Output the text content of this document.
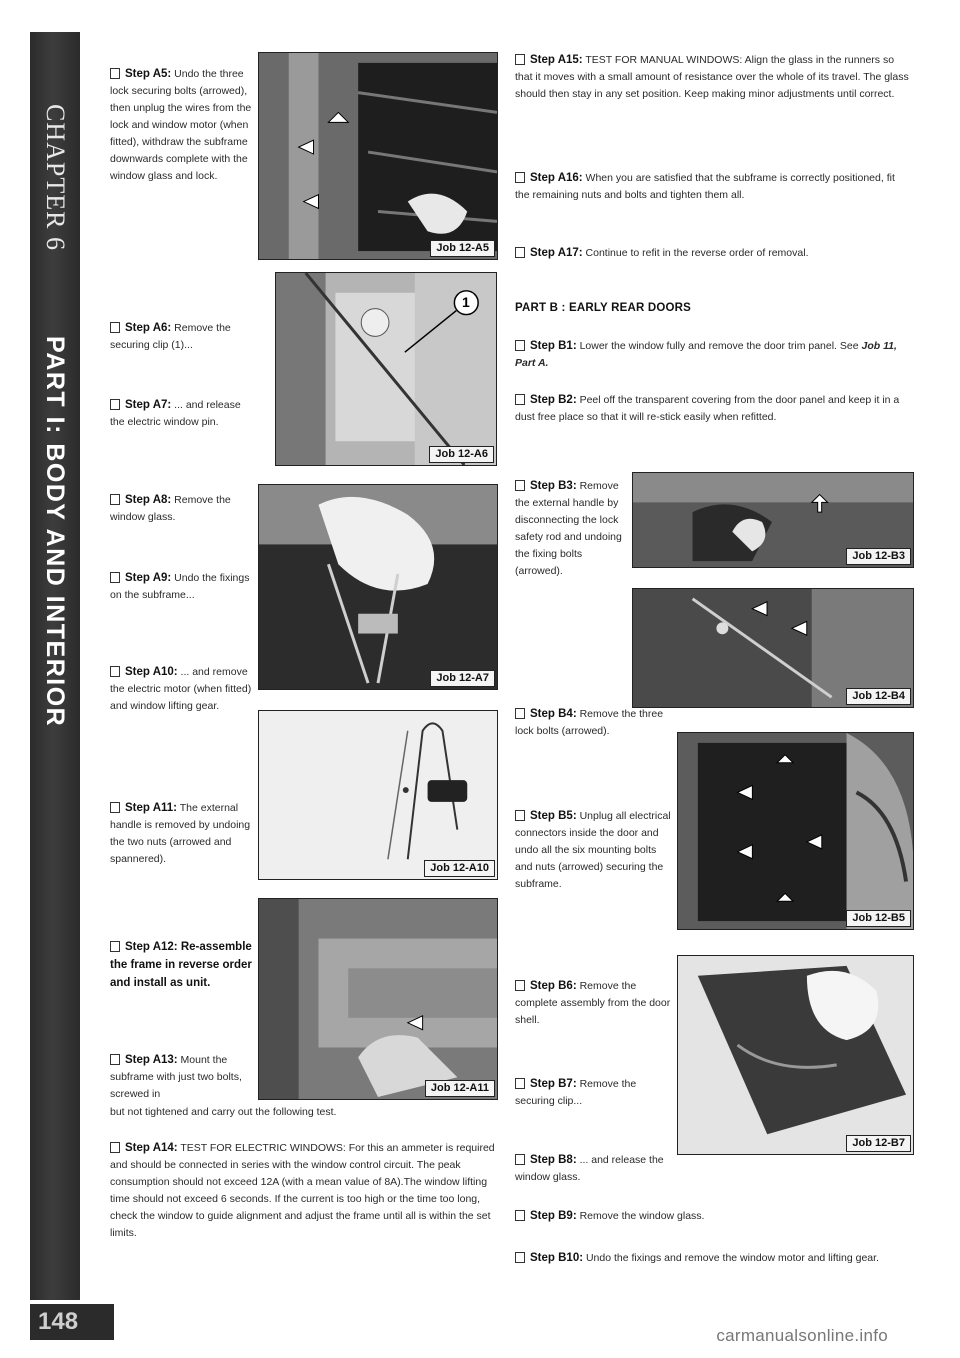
CHAPTER 6
PART I: BODY AND INTERIOR
148
carmanualsonline.info
Step A5: Undo the three lock securing bolts (arrowed), then unplug the wires from the lock and window motor (when fitted), withdraw the subframe downwards complete with the window glass and lock.
Step A6: Remove the securing clip (1)...
Step A7: ... and release the electric window pin.
Step A8: Remove the window glass.
Step A9: Undo the fixings on the subframe...
Step A10: ... and remove the electric motor (when fitted) and window lifting gear.
Step A11: The external handle is removed by undoing the two nuts (arrowed and spannered).
Step A12: Re-assemble the frame in reverse order and install as unit.
Step A13: Mount the subframe with just two bolts, screwed in
but not tightened and carry out the following test.
Step A14: TEST FOR ELECTRIC WINDOWS: For this an ammeter is required and should be connected in series with the window control circuit. The peak consumption should not exceed 12A (with a mean value of 8A).The window lifting time should not exceed 6 seconds. If the current is too high or the time too long, check the window to guide alignment and adjust the frame until all is within the set limits.
Job 12-A5
1
Job 12-A6
Job 12-A7
Job 12-A10
Job 12-A11
Step A15: TEST FOR MANUAL WINDOWS: Align the glass in the runners so that it moves with a small amount of resistance over the whole of its travel. The glass should then stay in any set position. Keep making minor adjustments until correct.
Step A16: When you are satisfied that the subframe is correctly positioned, fit the remaining nuts and bolts and tighten them all.
Step A17: Continue to refit in the reverse order of removal.
PART B : EARLY REAR DOORS
Step B1: Lower the window fully and remove the door trim panel. See Job 11, Part A.
Step B2: Peel off the transparent covering from the door panel and keep it in a dust free place so that it will re-stick easily when refitted.
Step B3: Remove the external handle by disconnecting the lock safety rod and undoing the fixing bolts (arrowed).
Step B4: Remove the three lock bolts (arrowed).
Step B5: Unplug all electrical connectors inside the door and undo all the six mounting bolts and nuts (arrowed) securing the subframe.
Step B6: Remove the complete assembly from the door shell.
Step B7: Remove the securing clip...
Step B8: ... and release the window glass.
Step B9: Remove the window glass.
Step B10: Undo the fixings and remove the window motor and lifting gear.
Job 12-B3
Job 12-B4
Job 12-B5
Job 12-B7
